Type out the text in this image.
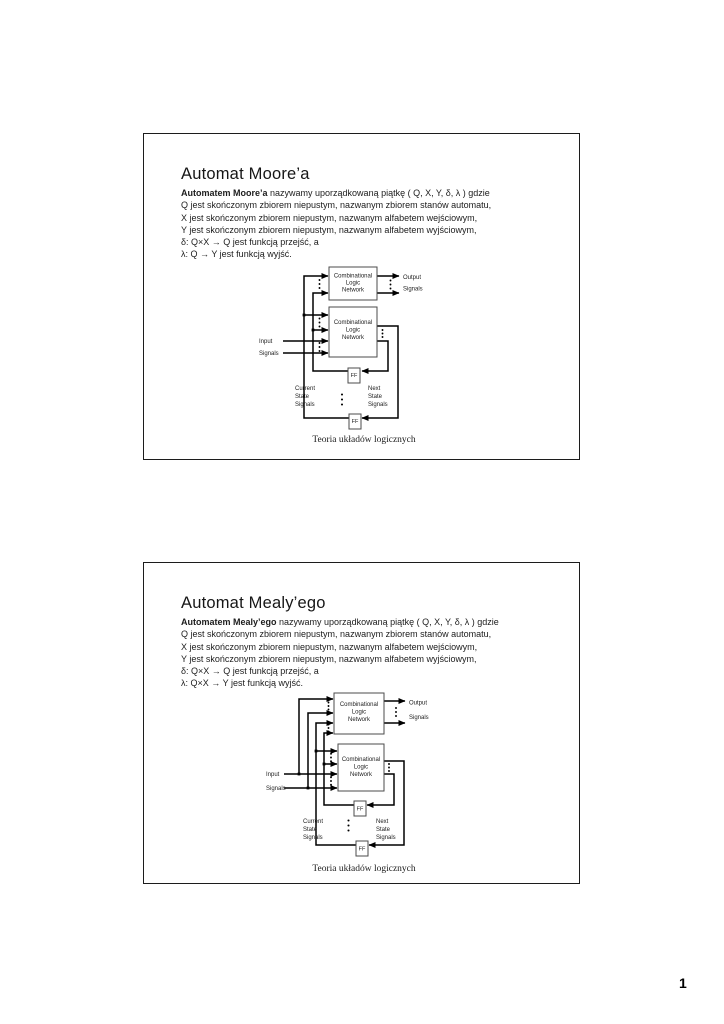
Automat Moore’a
Automatem Moore’a nazywamy uporządkowaną piątkę ( Q, X, Y, δ, λ ) gdzie
Q jest skończonym zbiorem niepustym, nazwanym zbiorem stanów automatu,
X jest skończonym zbiorem niepustym, nazwanym alfabetem wejściowym,
Y jest skończonym zbiorem niepustym, nazwanym alfabetem wyjściowym,
δ: Q×X → Q jest funkcją przejść, a
λ: Q → Y jest funkcją wyjść.
Combinational
Logic
Network
Combinational
Logic
Network
FF
FF
Input
Signals
Output
Signals
Current
State
Signals
Next
State
Signals
Teoria układów logicznych
Automat Mealy’ego
Automatem Mealy’ego nazywamy uporządkowaną piątkę ( Q, X, Y, δ, λ ) gdzie
Q jest skończonym zbiorem niepustym, nazwanym zbiorem stanów automatu,
X jest skończonym zbiorem niepustym, nazwanym alfabetem wejściowym,
Y jest skończonym zbiorem niepustym, nazwanym alfabetem wyjściowym,
δ: Q×X → Q jest funkcją przejść, a
λ: Q×X → Y jest funkcją wyjść.
Combinational
Logic
Network
Combinational
Logic
Network
FF
FF
Input
Signals
Output
Signals
Current
State
Signals
Next
State
Signals
Teoria układów logicznych
1
